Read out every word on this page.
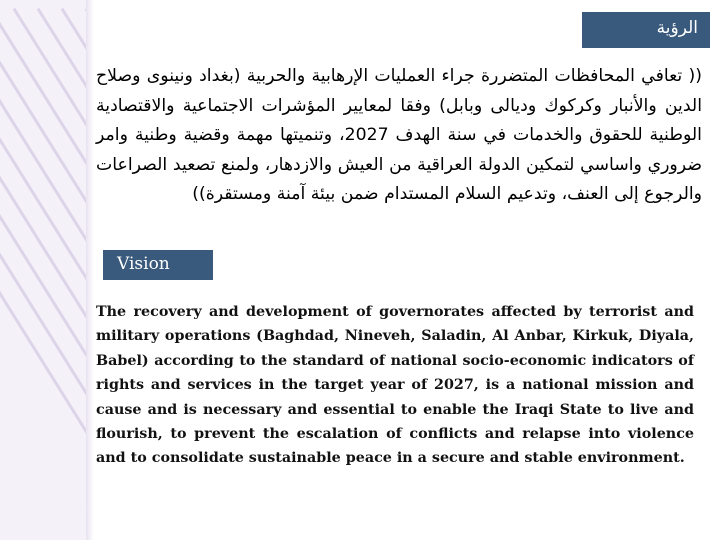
الرؤية

(( تعافي المحافظات المتضررة جراء العمليات الإرهابية والحربية (بغداد ونينوى وصلاح الدين والأنبار وكركوك وديالى وبابل) وفقا لمعايير المؤشرات الاجتماعية والاقتصادية الوطنية للحقوق والخدمات في سنة الهدف 2027، وتنميتها مهمة وقضية وطنية وامر ضروري واساسي لتمكين الدولة العراقية من العيش والازدهار، ولمنع تصعيد الصراعات والرجوع إلى العنف، وتدعيم السلام المستدام ضمن بيئة آمنة ومستقرة))

Vision

The recovery and development of governorates affected by terrorist and military operations (Baghdad, Nineveh, Saladin, Al Anbar, Kirkuk, Diyala, Babel) according to the standard of national socio-economic indicators of rights and services in the target year of 2027, is a national mission and cause and is necessary and essential to enable the Iraqi State to live and flourish, to prevent the escalation of conflicts and relapse into violence and to consolidate sustainable peace in a secure and stable environment.
